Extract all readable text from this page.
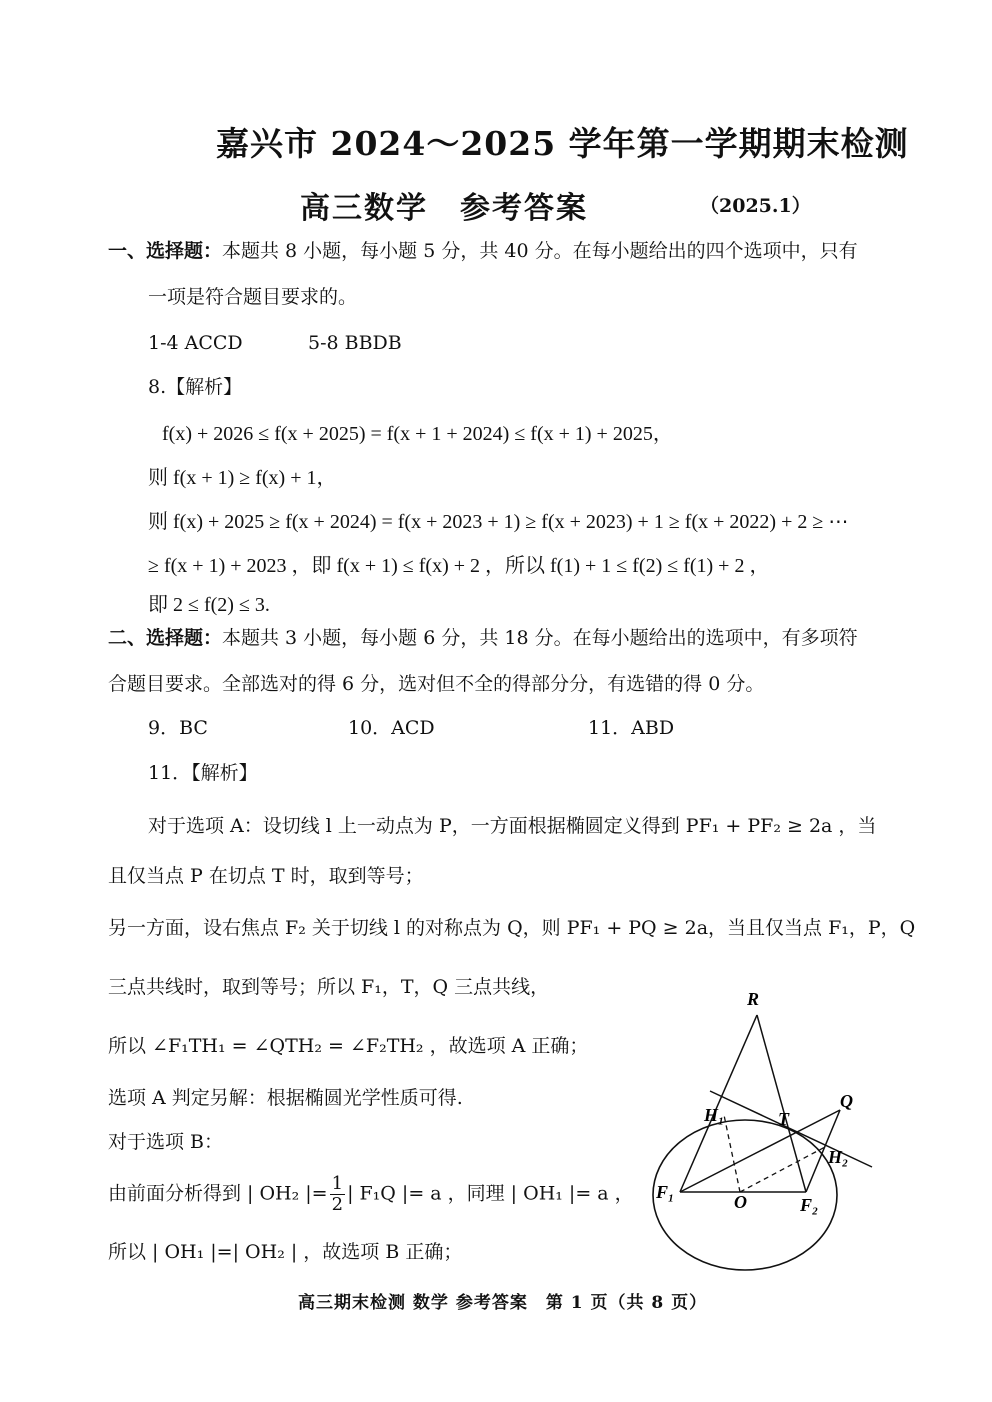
嘉兴市 2024～2025 学年第一学期期末检测
高三数学　参考答案	（2025.1）
一、选择题：本题共 8 小题，每小题 5 分，共 40 分。在每小题给出的四个选项中，只有
一项是符合题目要求的。
1-4 ACCD	5-8 BBDB
8.【解析】
f(x) + 2026 ≤ f(x + 2025) = f(x + 1 + 2024) ≤ f(x + 1) + 2025，
则 f(x + 1) ≥ f(x) + 1，
则 f(x) + 2025 ≥ f(x + 2024) = f(x + 2023 + 1) ≥ f(x + 2023) + 1 ≥ f(x + 2022) + 2 ≥ ⋯
≥ f(x + 1) + 2023 ，即 f(x + 1) ≤ f(x) + 2 ，所以 f(1) + 1 ≤ f(2) ≤ f(1) + 2 ，
即 2 ≤ f(2) ≤ 3.
二、选择题：本题共 3 小题，每小题 6 分，共 18 分。在每小题给出的选项中，有多项符
合题目要求。全部选对的得 6 分，选对但不全的得部分分，有选错的得 0 分。
9．BC	10．ACD	11．ABD
11．【解析】
对于选项 A：设切线 l 上一动点为 P，一方面根据椭圆定义得到 PF₁ + PF₂ ≥ 2a ，当
且仅当点 P 在切点 T 时，取到等号；
另一方面，设右焦点 F₂ 关于切线 l 的对称点为 Q，则 PF₁ + PQ ≥ 2a，当且仅当点 F₁，P，Q
三点共线时，取到等号；所以 F₁，T，Q 三点共线，
所以 ∠F₁TH₁ = ∠QTH₂ = ∠F₂TH₂ ，故选项 A 正确；
选项 A 判定另解：根据椭圆光学性质可得.
对于选项 B：
由前面分析得到 | OH₂ |= $\frac{1}{2}$ | F₁Q |= a ，同理 | OH₁ |= a ，
所以 | OH₁ |=| OH₂ | ，故选项 B 正确；
R
Q
T
H₁
H₂
F₁	O	F₂
高三期末检测 数学 参考答案　第 1 页（共 8 页）
